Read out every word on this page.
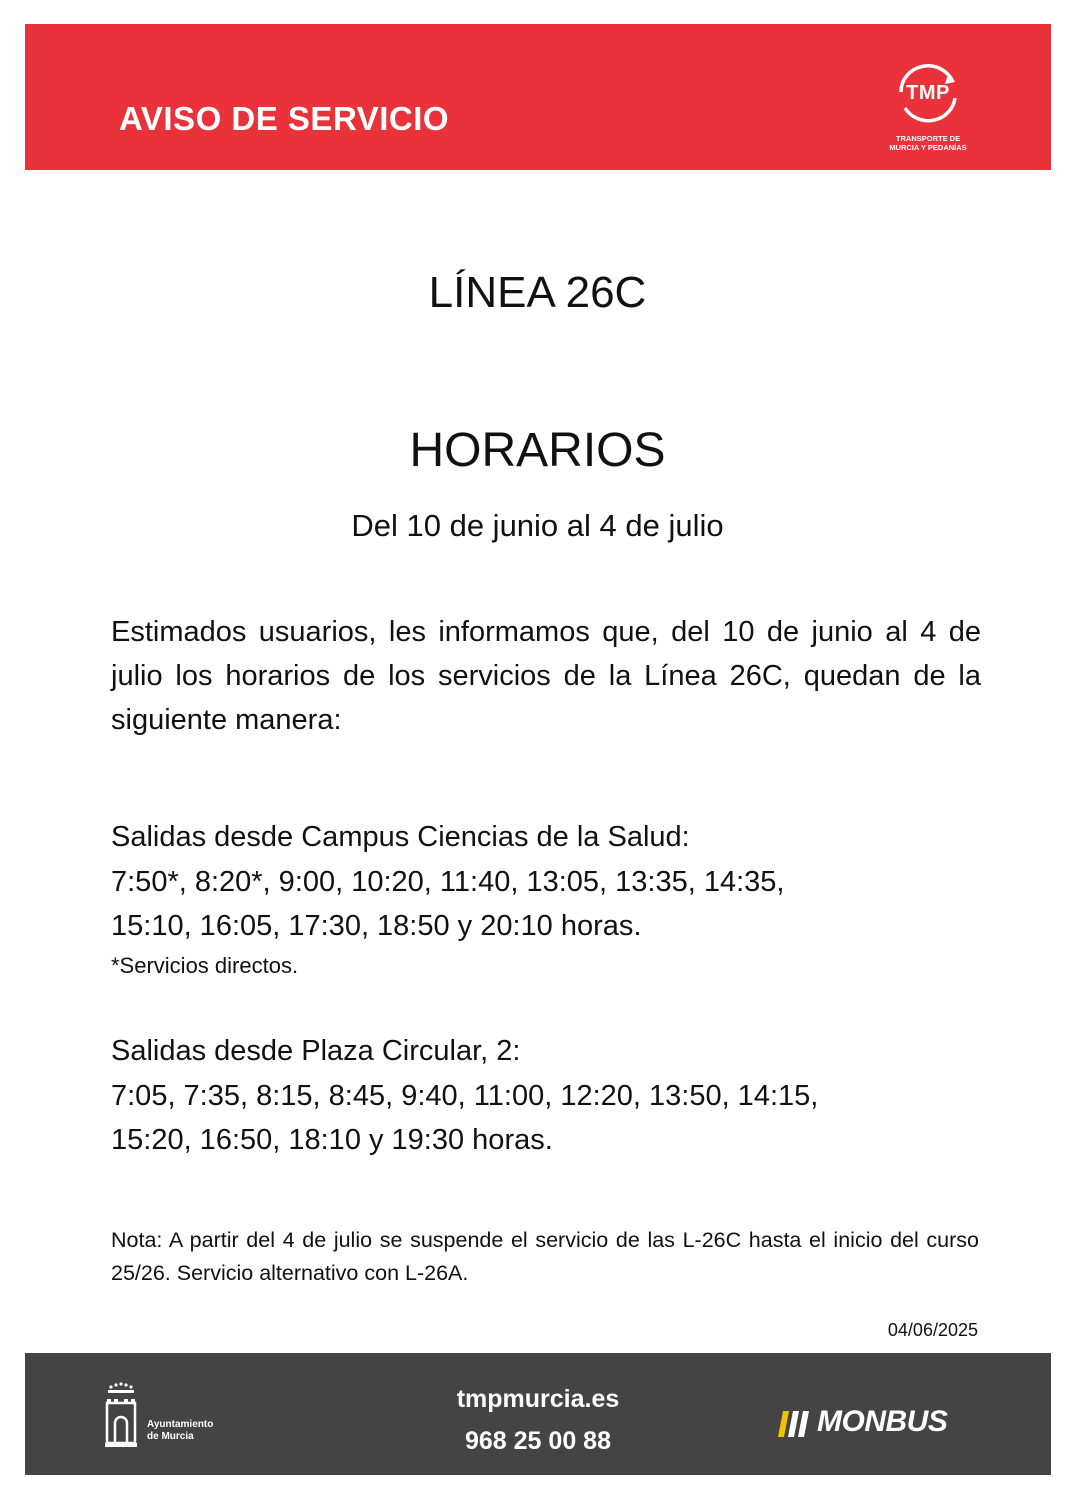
AVISO DE SERVICIO
TMP
TRANSPORTE DE
MURCIA Y PEDANÍAS
LÍNEA 26C
HORARIOS
Del 10 de junio al 4 de julio
Estimados usuarios, les informamos que, del 10 de junio al 4 de julio los horarios de los servicios de la Línea 26C, quedan de la siguiente manera:
Salidas desde Campus Ciencias de la Salud:
7:50*, 8:20*, 9:00, 10:20, 11:40, 13:05, 13:35, 14:35,
15:10, 16:05, 17:30, 18:50 y 20:10 horas.
*Servicios directos.
Salidas desde Plaza Circular, 2:
7:05, 7:35, 8:15, 8:45, 9:40, 11:00, 12:20, 13:50, 14:15,
15:20, 16:50, 18:10 y 19:30 horas.
Nota: A partir del 4 de julio se suspende el servicio de las L-26C hasta el inicio del curso 25/26. Servicio alternativo con L-26A.
04/06/2025
Ayuntamiento
de Murcia
tmpmurcia.es
968 25 00 88
MONBUS
